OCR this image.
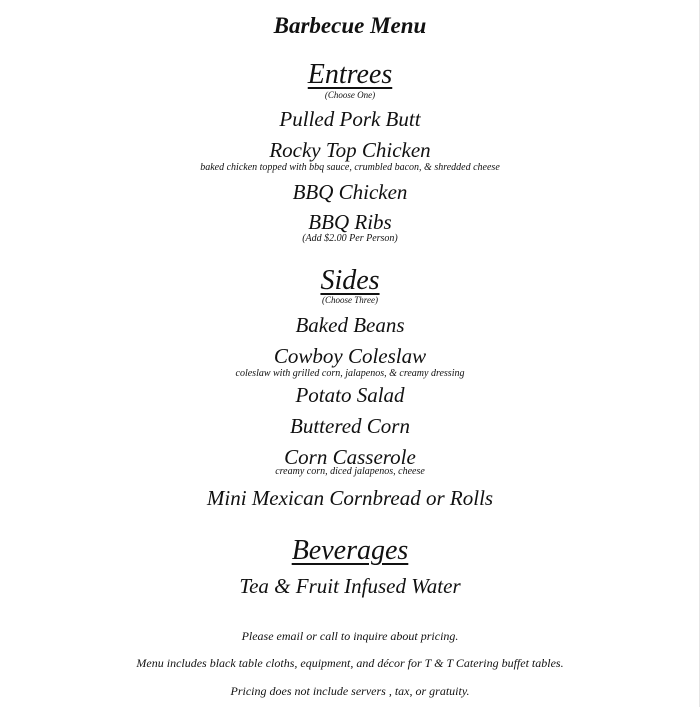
Barbecue Menu
Entrees
(Choose One)
Pulled Pork Butt
Rocky Top Chicken
baked chicken topped with bbq sauce, crumbled bacon, & shredded cheese
BBQ Chicken
BBQ Ribs
(Add $2.00 Per Person)
Sides
(Choose Three)
Baked Beans
Cowboy Coleslaw
coleslaw with grilled corn, jalapenos, & creamy dressing
Potato Salad
Buttered Corn
Corn Casserole
creamy corn, diced jalapenos, cheese
Mini Mexican Cornbread or Rolls
Beverages
Tea & Fruit Infused Water
Please email or call to inquire about pricing.
Menu includes black table cloths, equipment, and décor for T & T Catering buffet tables.
Pricing does not include servers , tax, or gratuity.
